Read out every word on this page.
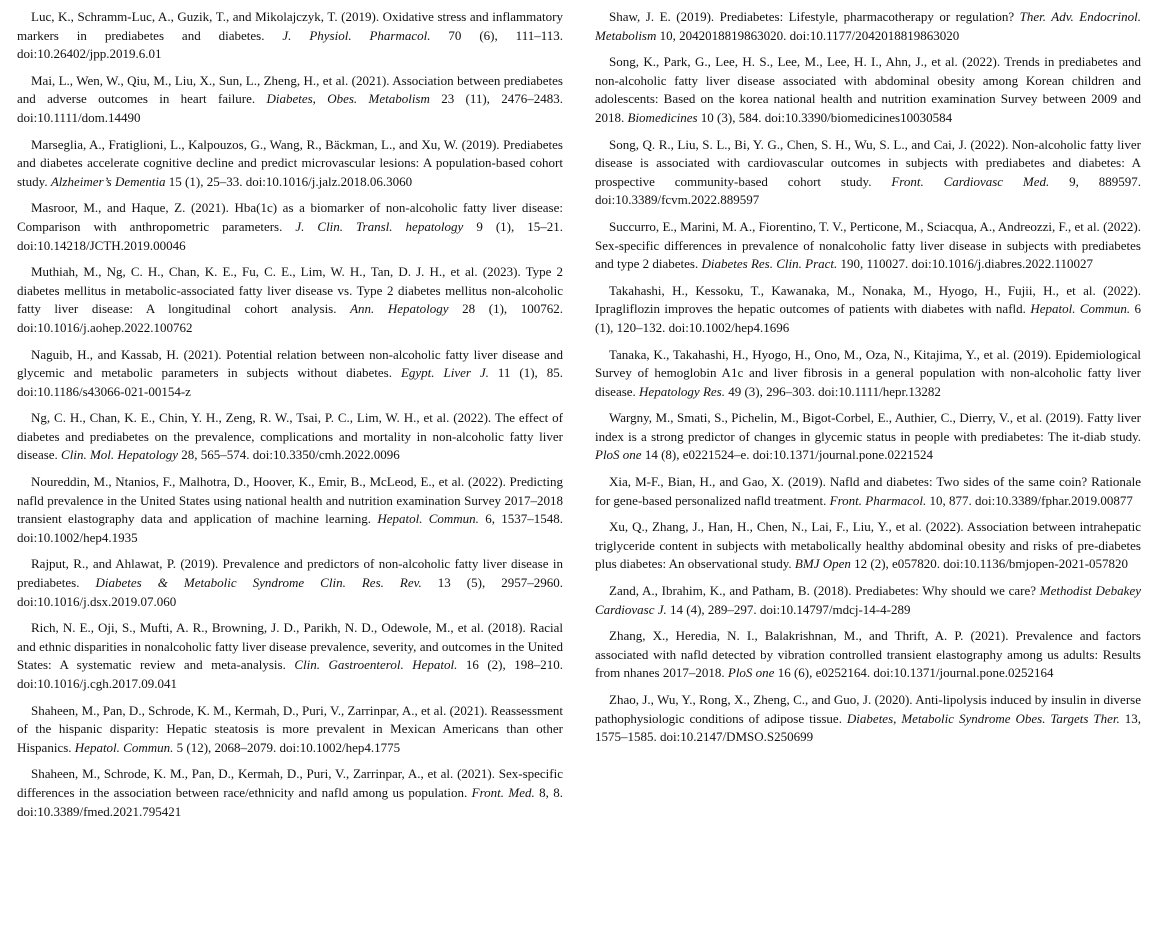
Luc, K., Schramm-Luc, A., Guzik, T., and Mikolajczyk, T. (2019). Oxidative stress and inflammatory markers in prediabetes and diabetes. J. Physiol. Pharmacol. 70 (6), 111–113. doi:10.26402/jpp.2019.6.01

Mai, L., Wen, W., Qiu, M., Liu, X., Sun, L., Zheng, H., et al. (2021). Association between prediabetes and adverse outcomes in heart failure. Diabetes, Obes. Metabolism 23 (11), 2476–2483. doi:10.1111/dom.14490

Marseglia, A., Fratiglioni, L., Kalpouzos, G., Wang, R., Bäckman, L., and Xu, W. (2019). Prediabetes and diabetes accelerate cognitive decline and predict microvascular lesions: A population-based cohort study. Alzheimer’s Dementia 15 (1), 25–33. doi:10.1016/j.jalz.2018.06.3060

Masroor, M., and Haque, Z. (2021). Hba(1c) as a biomarker of non-alcoholic fatty liver disease: Comparison with anthropometric parameters. J. Clin. Transl. hepatology 9 (1), 15–21. doi:10.14218/JCTH.2019.00046

Muthiah, M., Ng, C. H., Chan, K. E., Fu, C. E., Lim, W. H., Tan, D. J. H., et al. (2023). Type 2 diabetes mellitus in metabolic-associated fatty liver disease vs. Type 2 diabetes mellitus non-alcoholic fatty liver disease: A longitudinal cohort analysis. Ann. Hepatology 28 (1), 100762. doi:10.1016/j.aohep.2022.100762

Naguib, H., and Kassab, H. (2021). Potential relation between non-alcoholic fatty liver disease and glycemic and metabolic parameters in subjects without diabetes. Egypt. Liver J. 11 (1), 85. doi:10.1186/s43066-021-00154-z

Ng, C. H., Chan, K. E., Chin, Y. H., Zeng, R. W., Tsai, P. C., Lim, W. H., et al. (2022). The effect of diabetes and prediabetes on the prevalence, complications and mortality in non-alcoholic fatty liver disease. Clin. Mol. Hepatology 28, 565–574. doi:10.3350/cmh.2022.0096

Noureddin, M., Ntanios, F., Malhotra, D., Hoover, K., Emir, B., McLeod, E., et al. (2022). Predicting nafld prevalence in the United States using national health and nutrition examination Survey 2017–2018 transient elastography data and application of machine learning. Hepatol. Commun. 6, 1537–1548. doi:10.1002/hep4.1935

Rajput, R., and Ahlawat, P. (2019). Prevalence and predictors of non-alcoholic fatty liver disease in prediabetes. Diabetes & Metabolic Syndrome Clin. Res. Rev. 13 (5), 2957–2960. doi:10.1016/j.dsx.2019.07.060

Rich, N. E., Oji, S., Mufti, A. R., Browning, J. D., Parikh, N. D., Odewole, M., et al. (2018). Racial and ethnic disparities in nonalcoholic fatty liver disease prevalence, severity, and outcomes in the United States: A systematic review and meta-analysis. Clin. Gastroenterol. Hepatol. 16 (2), 198–210. doi:10.1016/j.cgh.2017.09.041

Shaheen, M., Pan, D., Schrode, K. M., Kermah, D., Puri, V., Zarrinpar, A., et al. (2021). Reassessment of the hispanic disparity: Hepatic steatosis is more prevalent in Mexican Americans than other Hispanics. Hepatol. Commun. 5 (12), 2068–2079. doi:10.1002/hep4.1775

Shaheen, M., Schrode, K. M., Pan, D., Kermah, D., Puri, V., Zarrinpar, A., et al. (2021). Sex-specific differences in the association between race/ethnicity and nafld among us population. Front. Med. 8, 8. doi:10.3389/fmed.2021.795421

Shaw, J. E. (2019). Prediabetes: Lifestyle, pharmacotherapy or regulation? Ther. Adv. Endocrinol. Metabolism 10, 2042018819863020. doi:10.1177/2042018819863020

Song, K., Park, G., Lee, H. S., Lee, M., Lee, H. I., Ahn, J., et al. (2022). Trends in prediabetes and non-alcoholic fatty liver disease associated with abdominal obesity among Korean children and adolescents: Based on the korea national health and nutrition examination Survey between 2009 and 2018. Biomedicines 10 (3), 584. doi:10.3390/biomedicines10030584

Song, Q. R., Liu, S. L., Bi, Y. G., Chen, S. H., Wu, S. L., and Cai, J. (2022). Non-alcoholic fatty liver disease is associated with cardiovascular outcomes in subjects with prediabetes and diabetes: A prospective community-based cohort study. Front. Cardiovasc Med. 9, 889597. doi:10.3389/fcvm.2022.889597

Succurro, E., Marini, M. A., Fiorentino, T. V., Perticone, M., Sciacqua, A., Andreozzi, F., et al. (2022). Sex-specific differences in prevalence of nonalcoholic fatty liver disease in subjects with prediabetes and type 2 diabetes. Diabetes Res. Clin. Pract. 190, 110027. doi:10.1016/j.diabres.2022.110027

Takahashi, H., Kessoku, T., Kawanaka, M., Nonaka, M., Hyogo, H., Fujii, H., et al. (2022). Ipragliflozin improves the hepatic outcomes of patients with diabetes with nafld. Hepatol. Commun. 6 (1), 120–132. doi:10.1002/hep4.1696

Tanaka, K., Takahashi, H., Hyogo, H., Ono, M., Oza, N., Kitajima, Y., et al. (2019). Epidemiological Survey of hemoglobin A1c and liver fibrosis in a general population with non-alcoholic fatty liver disease. Hepatology Res. 49 (3), 296–303. doi:10.1111/hepr.13282

Wargny, M., Smati, S., Pichelin, M., Bigot-Corbel, E., Authier, C., Dierry, V., et al. (2019). Fatty liver index is a strong predictor of changes in glycemic status in people with prediabetes: The it-diab study. PloS one 14 (8), e0221524–e. doi:10.1371/journal.pone.0221524

Xia, M-F., Bian, H., and Gao, X. (2019). Nafld and diabetes: Two sides of the same coin? Rationale for gene-based personalized nafld treatment. Front. Pharmacol. 10, 877. doi:10.3389/fphar.2019.00877

Xu, Q., Zhang, J., Han, H., Chen, N., Lai, F., Liu, Y., et al. (2022). Association between intrahepatic triglyceride content in subjects with metabolically healthy abdominal obesity and risks of pre-diabetes plus diabetes: An observational study. BMJ Open 12 (2), e057820. doi:10.1136/bmjopen-2021-057820

Zand, A., Ibrahim, K., and Patham, B. (2018). Prediabetes: Why should we care? Methodist Debakey Cardiovasc J. 14 (4), 289–297. doi:10.14797/mdcj-14-4-289

Zhang, X., Heredia, N. I., Balakrishnan, M., and Thrift, A. P. (2021). Prevalence and factors associated with nafld detected by vibration controlled transient elastography among us adults: Results from nhanes 2017–2018. PloS one 16 (6), e0252164. doi:10.1371/journal.pone.0252164

Zhao, J., Wu, Y., Rong, X., Zheng, C., and Guo, J. (2020). Anti-lipolysis induced by insulin in diverse pathophysiologic conditions of adipose tissue. Diabetes, Metabolic Syndrome Obes. Targets Ther. 13, 1575–1585. doi:10.2147/DMSO.S250699
